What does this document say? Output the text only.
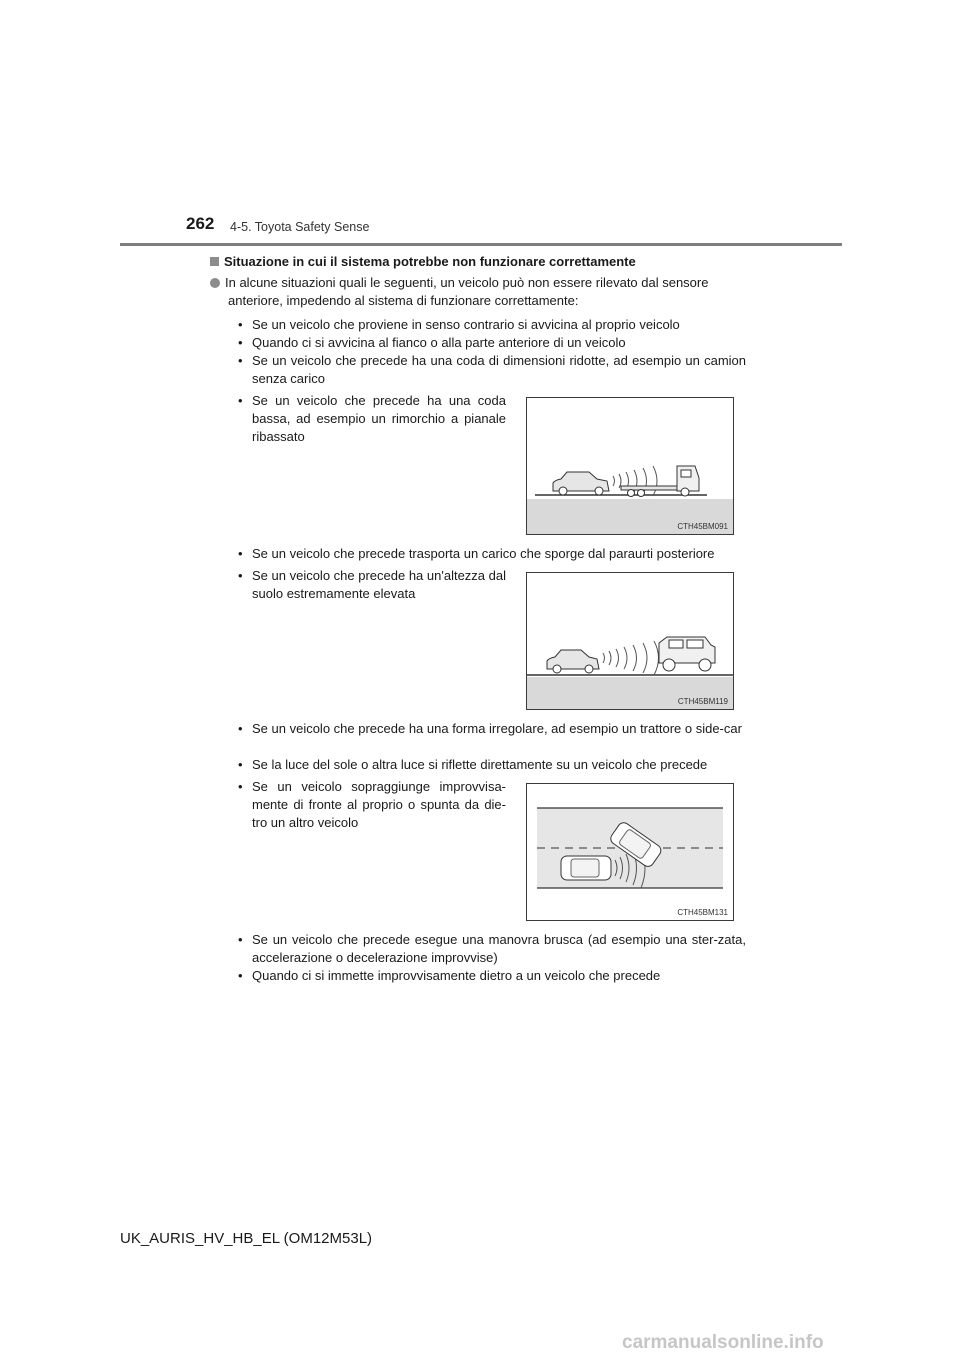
262 4-5. Toyota Safety Sense
Situazione in cui il sistema potrebbe non funzionare correttamente
In alcune situazioni quali le seguenti, un veicolo può non essere rilevato dal sensore
anteriore, impedendo al sistema di funzionare correttamente:
• Se un veicolo che proviene in senso contrario si avvicina al proprio veicolo
• Quando ci si avvicina al fianco o alla parte anteriore di un veicolo
• Se un veicolo che precede ha una coda di dimensioni ridotte, ad esempio un camion senza carico
• Se un veicolo che precede ha una coda bassa, ad esempio un rimorchio a pianale ribassato
CTH45BM091
• Se un veicolo che precede trasporta un carico che sporge dal paraurti posteriore
• Se un veicolo che precede ha un'altezza dal suolo estremamente elevata
CTH45BM119
• Se un veicolo che precede ha una forma irregolare, ad esempio un trattore o side-car
• Se la luce del sole o altra luce si riflette direttamente su un veicolo che precede
• Se un veicolo sopraggiunge improvvisa-mente di fronte al proprio o spunta da die-tro un altro veicolo
CTH45BM131
• Se un veicolo che precede esegue una manovra brusca (ad esempio una ster-zata, accelerazione o decelerazione improvvise)
• Quando ci si immette improvvisamente dietro a un veicolo che precede
UK_AURIS_HV_HB_EL (OM12M53L)
carmanualsonline.info
